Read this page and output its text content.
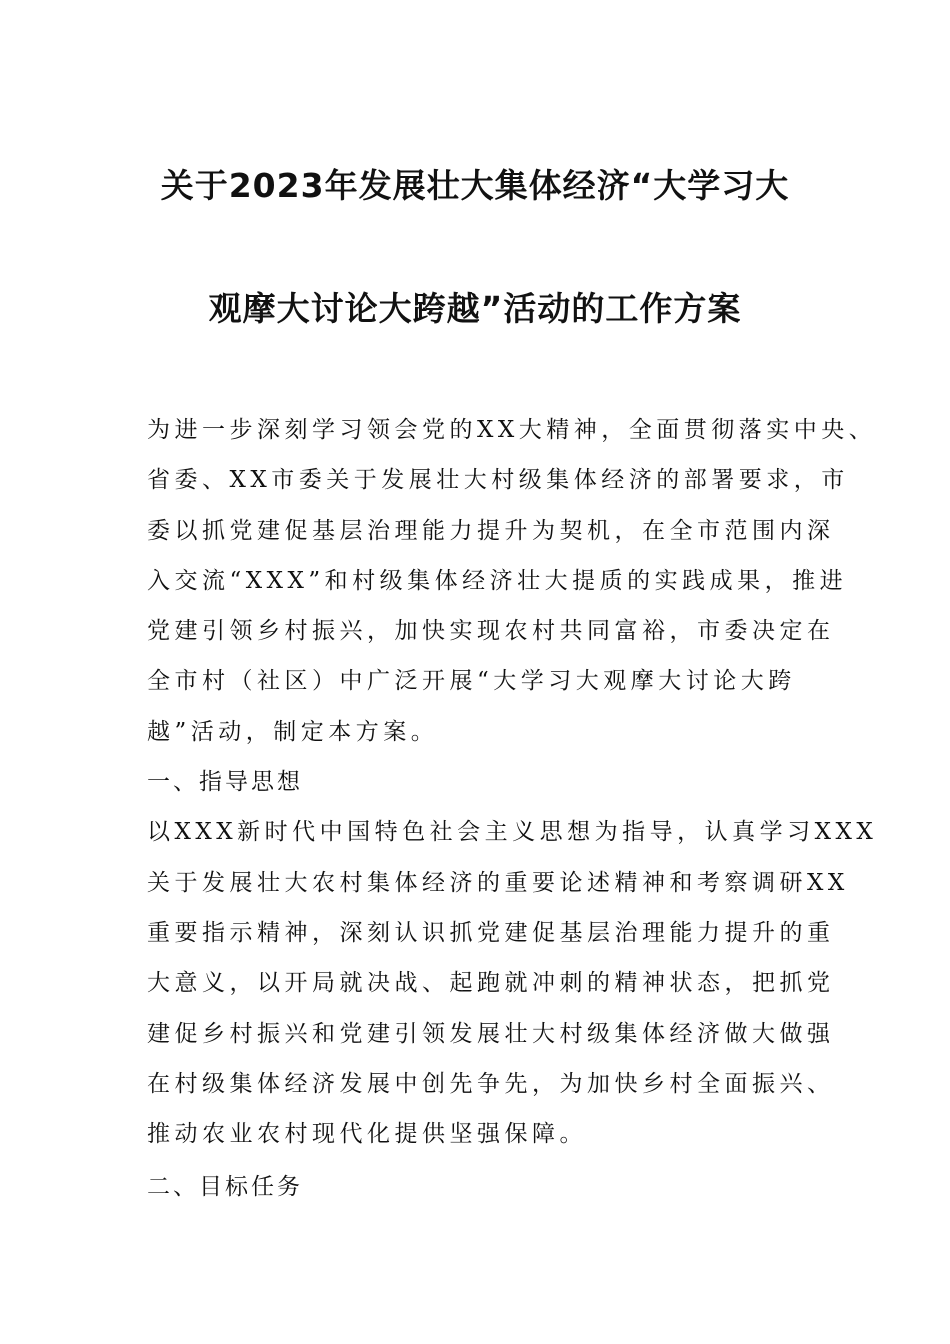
关于2023年发展壮大集体经济“大学习大
观摩大讨论大跨越”活动的工作方案

为进一步深刻学习领会党的XX大精神，全面贯彻落实中央、

省委、XX市委关于发展壮大村级集体经济的部署要求，市

委以抓党建促基层治理能力提升为契机，在全市范围内深

入交流“XXX”和村级集体经济壮大提质的实践成果，推进

党建引领乡村振兴，加快实现农村共同富裕，市委决定在

全市村（社区）中广泛开展“大学习大观摩大讨论大跨

越”活动，制定本方案。

一、指导思想

以XXX新时代中国特色社会主义思想为指导，认真学习XXX

关于发展壮大农村集体经济的重要论述精神和考察调研XX

重要指示精神，深刻认识抓党建促基层治理能力提升的重

大意义，以开局就决战、起跑就冲刺的精神状态，把抓党

建促乡村振兴和党建引领发展壮大村级集体经济做大做强

在村级集体经济发展中创先争先，为加快乡村全面振兴、

推动农业农村现代化提供坚强保障。

二、目标任务
